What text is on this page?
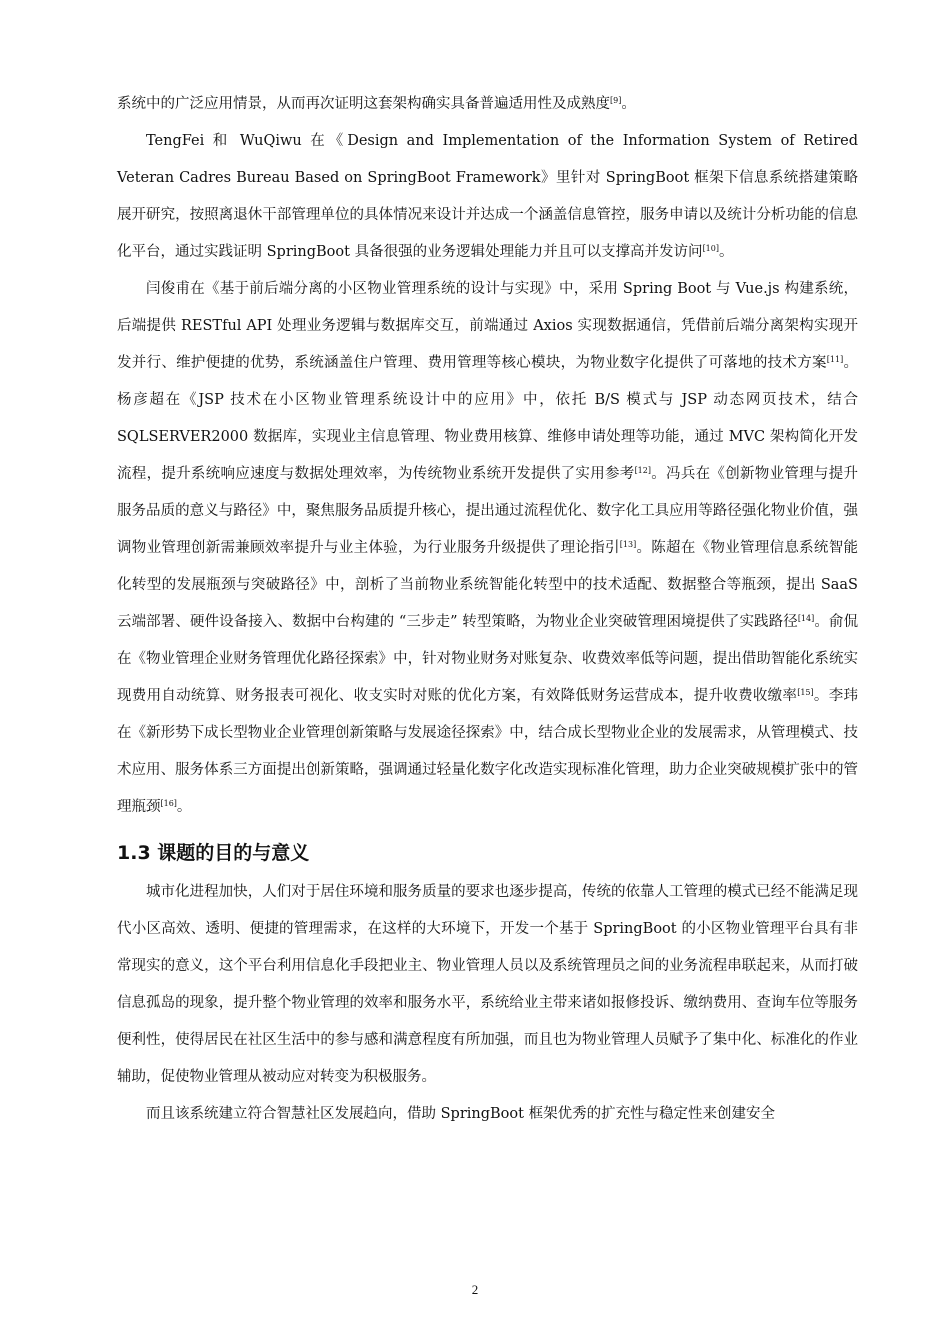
系统中的广泛应用情景，从而再次证明这套架构确实具备普遍适用性及成熟度[9]。

TengFei 和 WuQiwu 在《Design and Implementation of the Information System of Retired Veteran Cadres Bureau Based on SpringBoot Framework》里针对 SpringBoot 框架下信息系统搭建策略展开研究，按照离退休干部管理单位的具体情况来设计并达成一个涵盖信息管控，服务申请以及统计分析功能的信息化平台，通过实践证明 SpringBoot 具备很强的业务逻辑处理能力并且可以支撑高并发访问[10]。

闫俊甫在《基于前后端分离的小区物业管理系统的设计与实现》中，采用 Spring Boot 与 Vue.js 构建系统，后端提供 RESTful API 处理业务逻辑与数据库交互，前端通过 Axios 实现数据通信，凭借前后端分离架构实现开发并行、维护便捷的优势，系统涵盖住户管理、费用管理等核心模块，为物业数字化提供了可落地的技术方案[11]。杨彦超在《JSP 技术在小区物业管理系统设计中的应用》中，依托 B/S 模式与 JSP 动态网页技术，结合 SQLSERVER2000 数据库，实现业主信息管理、物业费用核算、维修申请处理等功能，通过 MVC 架构简化开发流程，提升系统响应速度与数据处理效率，为传统物业系统开发提供了实用参考[12]。冯兵在《创新物业管理与提升服务品质的意义与路径》中，聚焦服务品质提升核心，提出通过流程优化、数字化工具应用等路径强化物业价值，强调物业管理创新需兼顾效率提升与业主体验，为行业服务升级提供了理论指引[13]。陈超在《物业管理信息系统智能化转型的发展瓶颈与突破路径》中，剖析了当前物业系统智能化转型中的技术适配、数据整合等瓶颈，提出 SaaS 云端部署、硬件设备接入、数据中台构建的 “三步走” 转型策略，为物业企业突破管理困境提供了实践路径[14]。俞侃在《物业管理企业财务管理优化路径探索》中，针对物业财务对账复杂、收费效率低等问题，提出借助智能化系统实现费用自动统算、财务报表可视化、收支实时对账的优化方案，有效降低财务运营成本，提升收费收缴率[15]。李玮在《新形势下成长型物业企业管理创新策略与发展途径探索》中，结合成长型物业企业的发展需求，从管理模式、技术应用、服务体系三方面提出创新策略，强调通过轻量化数字化改造实现标准化管理，助力企业突破规模扩张中的管理瓶颈[16]。

1.3 课题的目的与意义

城市化进程加快，人们对于居住环境和服务质量的要求也逐步提高，传统的依靠人工管理的模式已经不能满足现代小区高效、透明、便捷的管理需求，在这样的大环境下，开发一个基于 SpringBoot 的小区物业管理平台具有非常现实的意义，这个平台利用信息化手段把业主、物业管理人员以及系统管理员之间的业务流程串联起来，从而打破信息孤岛的现象，提升整个物业管理的效率和服务水平，系统给业主带来诸如报修投诉、缴纳费用、查询车位等服务便利性，使得居民在社区生活中的参与感和满意程度有所加强，而且也为物业管理人员赋予了集中化、标准化的作业辅助，促使物业管理从被动应对转变为积极服务。

而且该系统建立符合智慧社区发展趋向，借助 SpringBoot 框架优秀的扩充性与稳定性来创建安全

2
